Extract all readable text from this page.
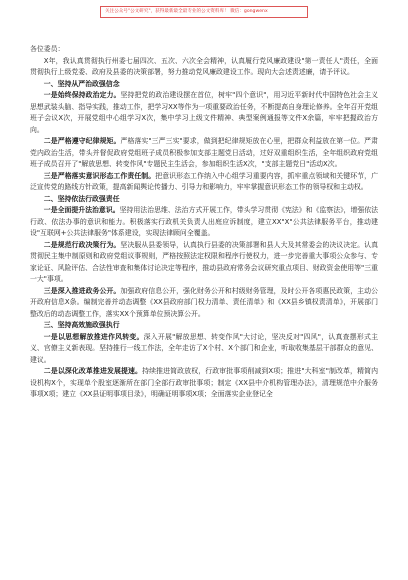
关注公众号"公文研究"，获得最新最全最专业的公文资料库！ 微信：gongwenx

各位委员：

X年，我认真贯彻执行州委七届四次、五次、六次全会精神，认真履行党风廉政建设"第一责任人"责任，全面贯彻执行上级党委、政府及县委的决策部署，努力推动党风廉政建设工作。现向大会述责述廉，请予评议。

一、坚持从严治政强信念

一是始终保持政治定力。坚持把党的政治建设摆在首位，树牢"四个意识"，用习近平新时代中国特色社会主义思想武装头脑、指导实践，推动工作，把学习XX等作为一项重要政治任务，不断提高自身理论修养。全年召开党组班子会议X次，开展党组中心组学习X次，集中学习上级文件精神、典型案例通报等文件X余篇，牢牢把握政治方向。

二是严格遵守纪律规矩。严格落实"三严三实"要求，做到把纪律规矩放在心里，把群众利益放在第一位。严肃党内政治生活，带头并督促政府党组班子成员积极参加支部主题党日活动，过好双重组织生活，全年组织政府党组班子成员召开了"解放思想、转变作风"专题民主生活会，参加组织生活X次，"支部主题党日"活动X次。

三是严格落实意识形态工作责任制。把意识形态工作纳入中心组学习重要内容，抓牢重点领域和关键环节，广泛宣传党的路线方针政策，提高新闻舆论传播力、引导力和影响力，牢牢掌握意识形态工作的领导权和主动权。

二、坚持依法行政强责任

一是全面提升法治意识。坚持用法治思维、法治方式开展工作，带头学习贯彻《宪法》和《监察法》，增强依法行政、依法办事的意识和能力。积极落实行政机关负责人出庭应诉制度，建立XX"X"公共法律服务平台，推动建设"互联网+公共法律服务"体系建设，实现法律顾问全覆盖。

二是规范行政决策行为。坚决服从县委领导，认真执行县委的决策部署和县人大及其常委会的决议决定。认真贯彻民主集中制原则和政府党组议事规则，严格按照法定权限和程序行使权力，进一步完善重大事项公众参与、专家论证、风险评估、合法性审查和集体讨论决定等程序，推动县政府常务会议研究重点项目、财政资金使用等"三重一大"事项。

三是深入推进政务公开。加强政府信息公开，强化财务公开和村级财务管理，及时公开各项惠民政策，主动公开政府信息X条。编制完善并动态调整《XX县政府部门权力清单、责任清单》和《XX县乡镇权责清单》，开展部门整改后的动态调整工作，落实XX个预算单位预决算公开。

三、坚持高效施政强执行

一是以思想解放推进作风转变。深入开展"解放思想、转变作风"大讨论，坚决反对"四风"，认真查摆形式主义、官僚主义新表现。坚持推行一线工作法，全年走访了X个村、X个部门和企业，听取收集基层干部群众的意见、建议。

二是以深化改革推进发展提速。持续推进简政放权，行政审批事项削减到X项；推进"大科室"制改革，精简内设机构X个，实现单个股室逐渐所在部门全部行政审批事项；制定《XX县中介机构管理办法》，清理规范中介服务事项X项；建立《XX县证明事项目录》，明确证明事项X项；全面落实企业登记全
